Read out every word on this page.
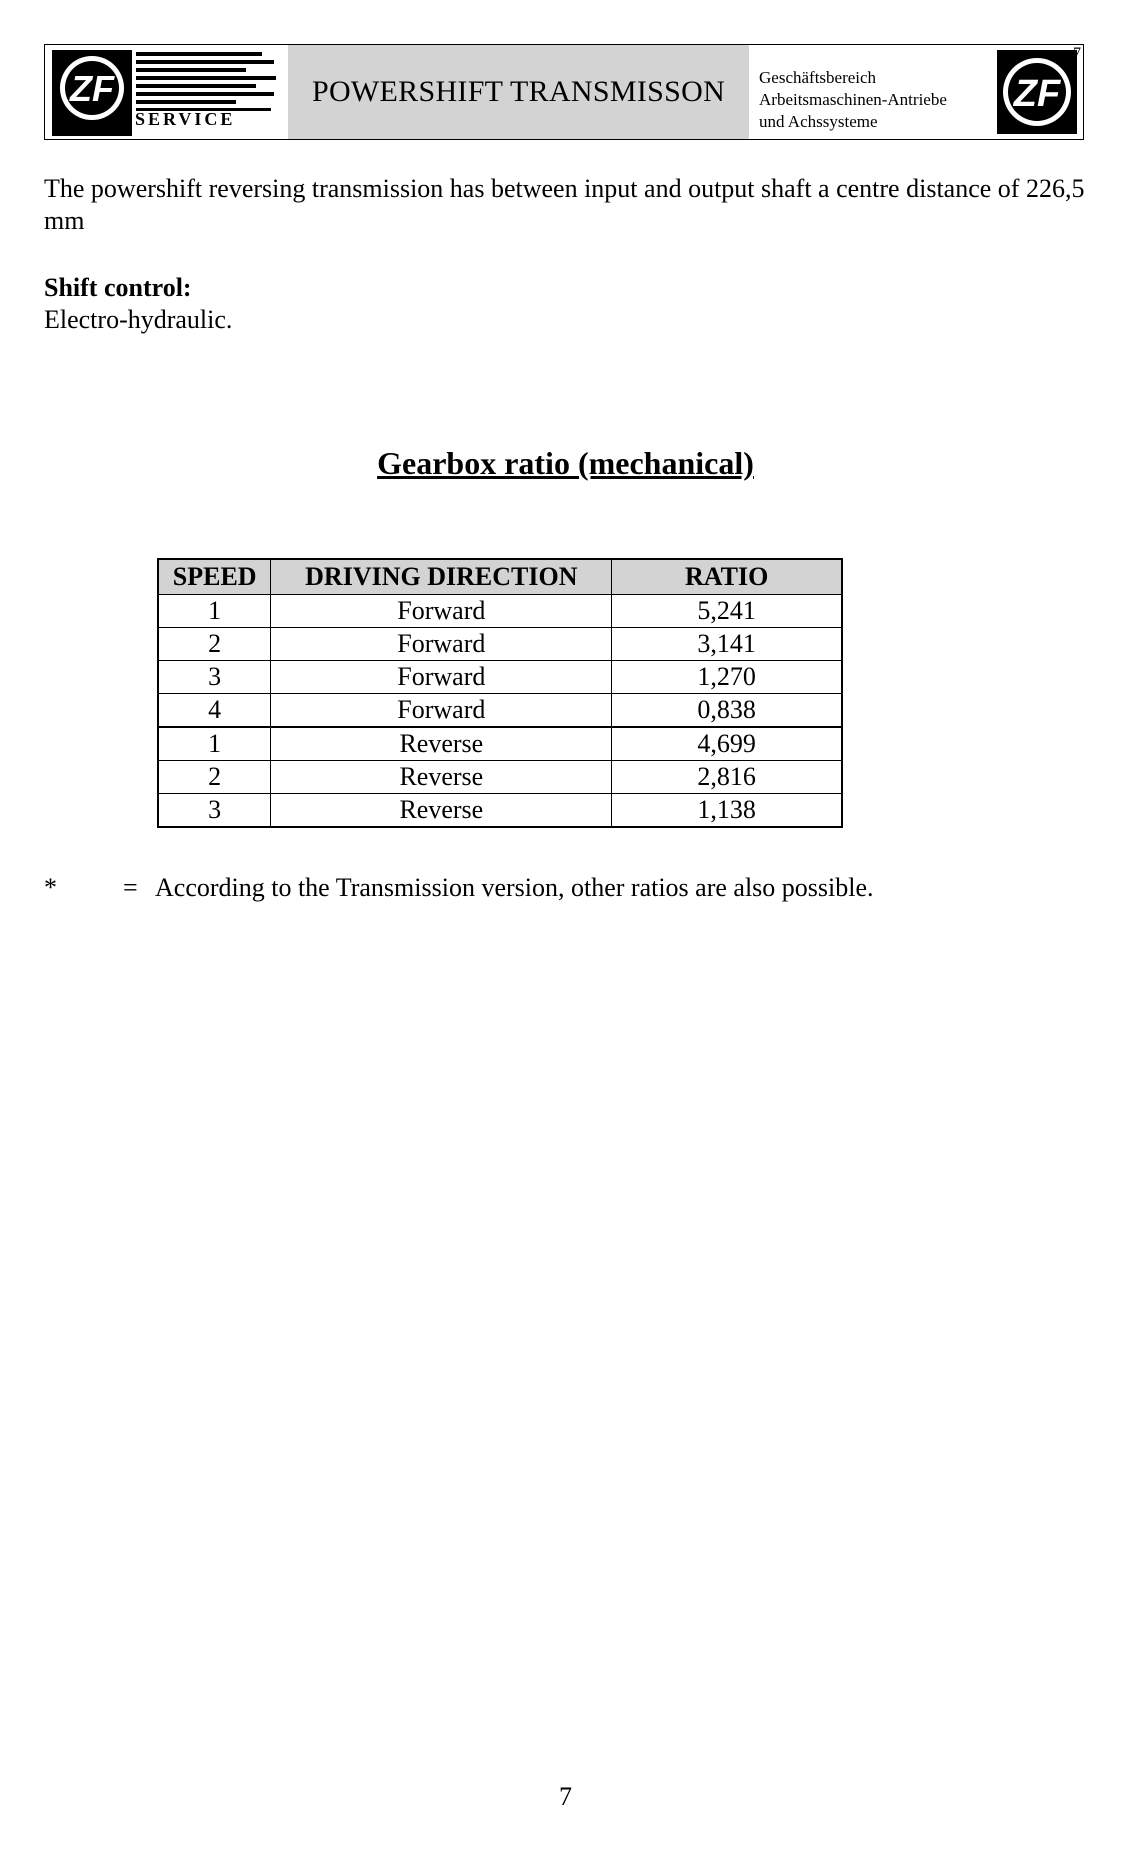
ZF
SERVICE
POWERSHIFT TRANSMISSON Geschäftsbereich
Arbeitsmaschinen-Antriebe
und Achssysteme
ZF
7
The powershift reversing transmission has between input and output shaft a centre distance of 226,5 mm
Shift control:
Electro-hydraulic.
Gearbox ratio (mechanical)
SPEED	DRIVING DIRECTION	RATIO
1	Forward	5,241
2	Forward	3,141
3	Forward	1,270
4	Forward	0,838
1	Reverse	4,699
2	Reverse	2,816
3	Reverse	1,138
*	= According to the Transmission version, other ratios are also possible.
7
